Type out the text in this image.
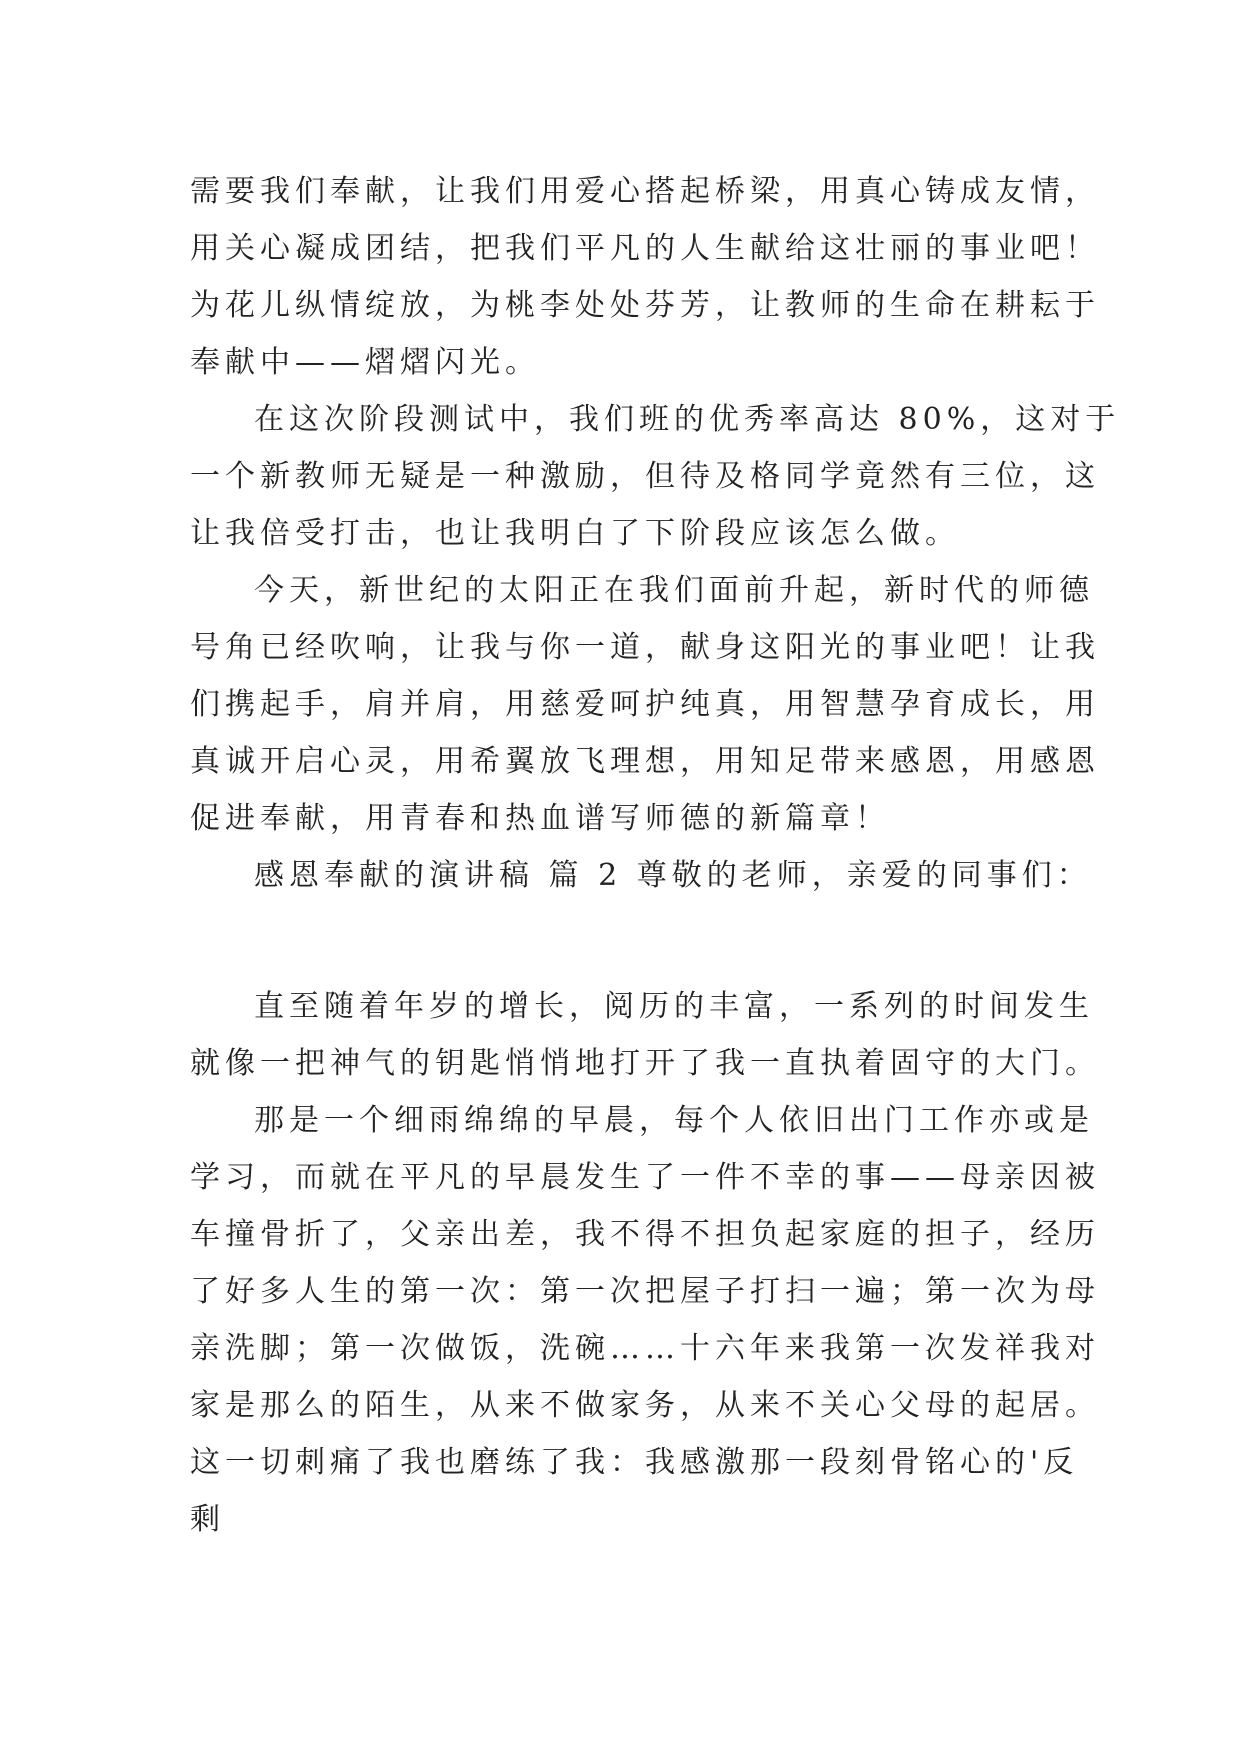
需要我们奉献，让我们用爱心搭起桥梁，用真心铸成友情，
用关心凝成团结，把我们平凡的人生献给这壮丽的事业吧！
为花儿纵情绽放，为桃李处处芬芳，让教师的生命在耕耘于
奉献中——熠熠闪光。
在这次阶段测试中，我们班的优秀率高达 80%，这对于
一个新教师无疑是一种激励，但待及格同学竟然有三位，这
让我倍受打击，也让我明白了下阶段应该怎么做。
今天，新世纪的太阳正在我们面前升起，新时代的师德
号角已经吹响，让我与你一道，献身这阳光的事业吧！让我
们携起手，肩并肩，用慈爱呵护纯真，用智慧孕育成长，用
真诚开启心灵，用希翼放飞理想，用知足带来感恩，用感恩
促进奉献，用青春和热血谱写师德的新篇章！
感恩奉献的演讲稿 篇 2 尊敬的老师，亲爱的同事们：
直至随着年岁的增长，阅历的丰富，一系列的时间发生
就像一把神气的钥匙悄悄地打开了我一直执着固守的大门。
那是一个细雨绵绵的早晨，每个人依旧出门工作亦或是
学习，而就在平凡的早晨发生了一件不幸的事——母亲因被
车撞骨折了，父亲出差，我不得不担负起家庭的担子，经历
了好多人生的第一次：第一次把屋子打扫一遍；第一次为母
亲洗脚；第一次做饭，洗碗……十六年来我第一次发祥我对
家是那么的陌生，从来不做家务，从来不关心父母的起居。
这一切刺痛了我也磨练了我：我感激那一段刻骨铭心的'反
剩
